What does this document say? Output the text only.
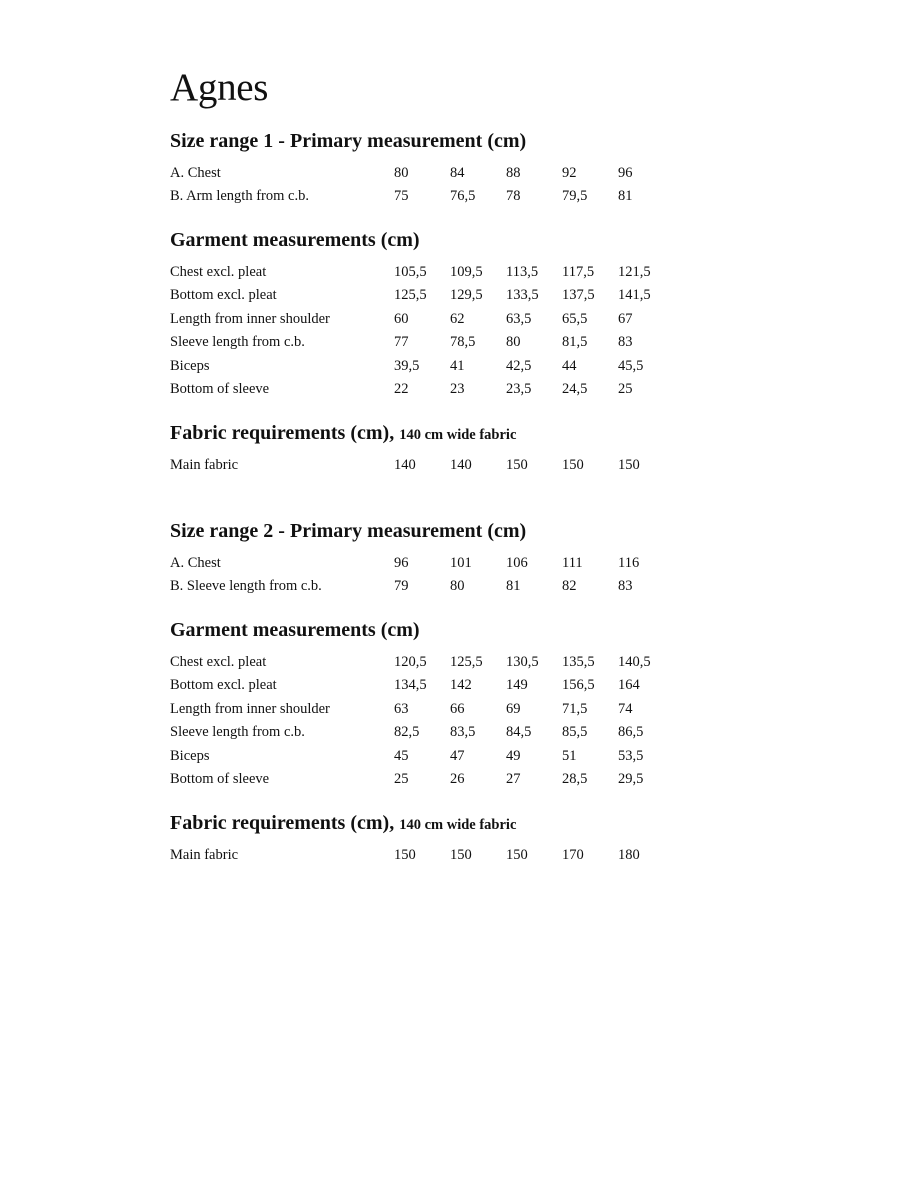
Agnes
Size range 1 - Primary measurement (cm)
A. Chest	80	84	88	92	96
B. Arm length from c.b.	75	76,5	78	79,5	81
Garment measurements (cm)
Chest excl. pleat	105,5	109,5	113,5	117,5	121,5
Bottom excl. pleat	125,5	129,5	133,5	137,5	141,5
Length from inner shoulder	60	62	63,5	65,5	67
Sleeve length from c.b.	77	78,5	80	81,5	83
Biceps	39,5	41	42,5	44	45,5
Bottom of sleeve	22	23	23,5	24,5	25
Fabric requirements (cm), 140 cm wide fabric
Main fabric	140	140	150	150	150
Size range 2 - Primary measurement (cm)
A. Chest	96	101	106	111	116
B. Sleeve length from c.b.	79	80	81	82	83
Garment measurements (cm)
Chest excl. pleat	120,5	125,5	130,5	135,5	140,5
Bottom excl. pleat	134,5	142	149	156,5	164
Length from inner shoulder	63	66	69	71,5	74
Sleeve length from c.b.	82,5	83,5	84,5	85,5	86,5
Biceps	45	47	49	51	53,5
Bottom of sleeve	25	26	27	28,5	29,5
Fabric requirements (cm), 140 cm wide fabric
Main fabric	150	150	150	170	180
